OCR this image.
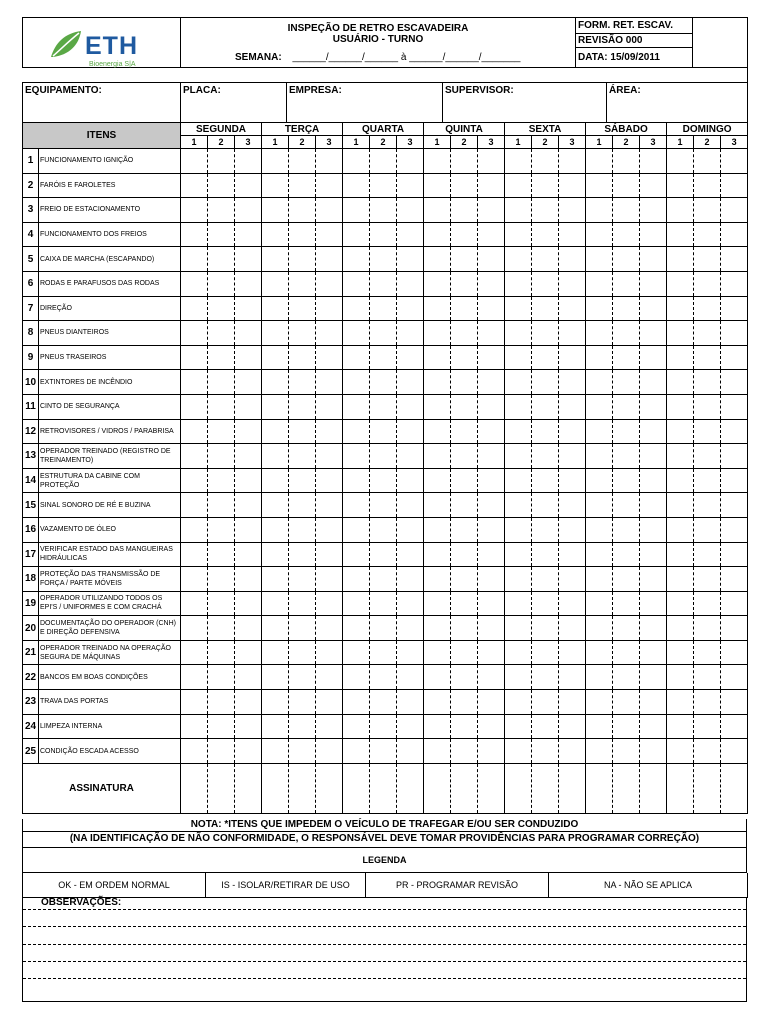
ETH
Bioenergia S|A

INSPEÇÃO DE RETRO ESCAVADEIRA
USUÁRIO - TURNO
SEMANA: ______/______/______ à ______/______/_______
	FORM. RET. ESCAV.	
REVISÃO 000
DATA: 15/09/2011
EQUIPAMENTO:	PLACA:	EMPRESA:	SUPERVISOR:	ÁREA:
ITENS		SEGUNDA			TERÇA			QUARTA			QUINTA			SEXTA			SÁBADO			DOMINGO		
		1	2	3	1	2	3	1	2	3	1	2	3	1	2	3	1	2	3	1	2	3
1	FUNCIONAMENTO IGNIÇÃO																					
2	FARÓIS E FAROLETES																					
3	FREIO DE ESTACIONAMENTO																					
4	FUNCIONAMENTO DOS FREIOS																					
5	CAIXA DE MARCHA (ESCAPANDO)																					
6	RODAS E PARAFUSOS DAS RODAS																					
7	DIREÇÃO																					
8	PNEUS DIANTEIROS																					
9	PNEUS TRASEIROS																					
10	EXTINTORES DE INCÊNDIO																					
11	CINTO DE SEGURANÇA																					
12	RETROVISORES / VIDROS / PARABRISA																					
13	OPERADOR TREINADO (REGISTRO DE TREINAMENTO)																					
14	ESTRUTURA DA CABINE COM PROTEÇÃO																					
15	SINAL SONORO DE RÉ E BUZINA																					
16	VAZAMENTO DE ÓLEO																					
17	VERIFICAR ESTADO DAS MANGUEIRAS HIDRÁULICAS																					
18	PROTEÇÃO DAS TRANSMISSÃO DE FORÇA / PARTE MÓVEIS																					
19	OPERADOR UTILIZANDO TODOS OS EPI'S / UNIFORMES E COM CRACHÁ																					
20	DOCUMENTAÇÃO DO OPERADOR (CNH) E DIREÇÃO DEFENSIVA																					
21	OPERADOR TREINADO NA OPERAÇÃO SEGURA DE MÁQUINAS																					
22	BANCOS EM BOAS CONDIÇÕES																					
23	TRAVA DAS PORTAS																					
24	LIMPEZA INTERNA																					
25	CONDIÇÃO ESCADA ACESSO																					
ASSINATURA																						
NOTA: *ITENS QUE IMPEDEM O VEÍCULO DE TRAFEGAR E/OU SER CONDUZIDO
(NA IDENTIFICAÇÃO DE NÃO CONFORMIDADE, O RESPONSÁVEL DEVE TOMAR PROVIDÊNCIAS PARA PROGRAMAR CORREÇÃO)
LEGENDA
OK - EM ORDEM NORMAL	IS - ISOLAR/RETIRAR DE USO	PR - PROGRAMAR REVISÃO	NA - NÃO SE APLICA
OBSERVAÇÕES:
